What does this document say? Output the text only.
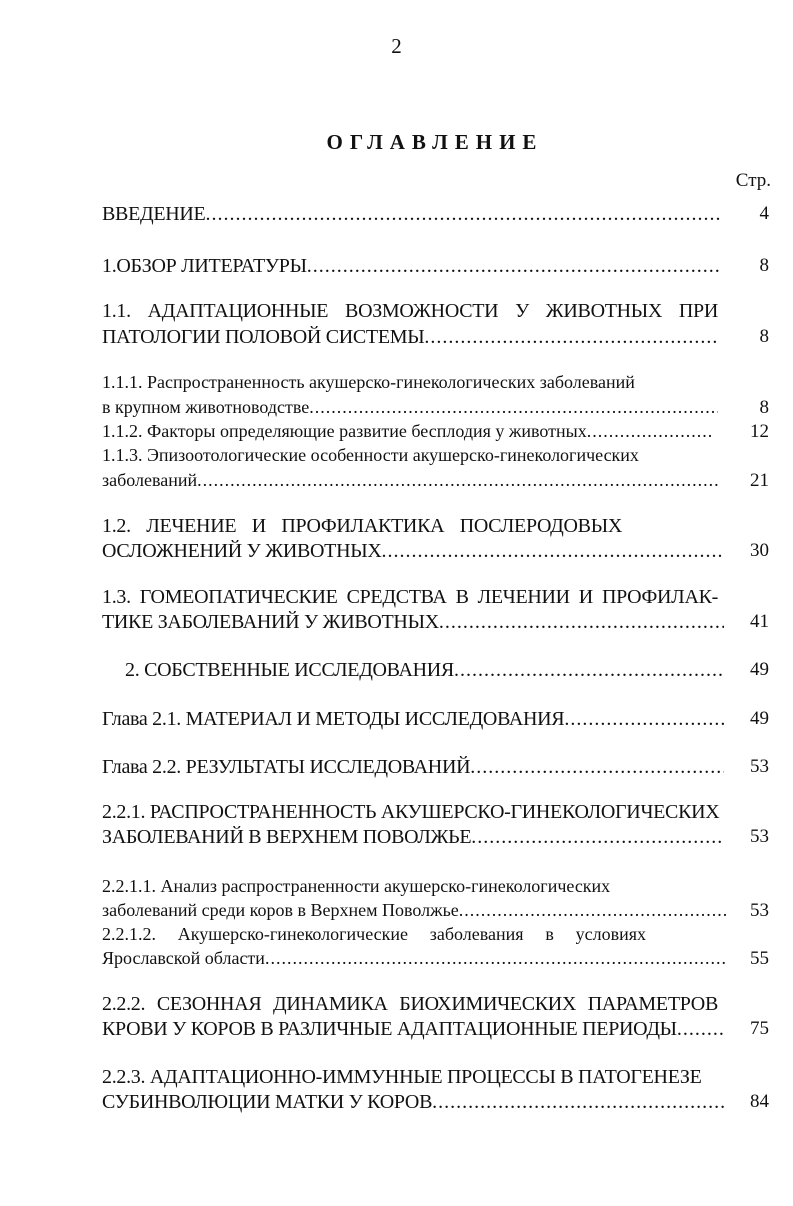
2
ОГЛАВЛЕНИЕ
Стр.
ВВЕДЕНИЕ .....	4
1.ОБЗОР ЛИТЕРАТУРЫ .....	8
1.1. АДАПТАЦИОННЫЕ ВОЗМОЖНОСТИ У ЖИВОТНЫХ ПРИ
ПАТОЛОГИИ ПОЛОВОЙ СИСТЕМЫ .....	8
1.1.1. Распространенность акушерско-гинекологических заболеваний
в крупном животноводстве .....	8
1.1.2. Факторы определяющие развитие бесплодия у животных .....	12
1.1.3. Эпизоотологические особенности акушерско-гинекологических
заболеваний .....	21
1.2. ЛЕЧЕНИЕ И ПРОФИЛАКТИКА ПОСЛЕРОДОВЫХ
ОСЛОЖНЕНИЙ У ЖИВОТНЫХ .....	30
1.3. ГОМЕОПАТИЧЕСКИЕ СРЕДСТВА В ЛЕЧЕНИИ И ПРОФИЛАК-
ТИКЕ ЗАБОЛЕВАНИЙ У ЖИВОТНЫХ .....	41
2. СОБСТВЕННЫЕ ИССЛЕДОВАНИЯ .....	49
Глава 2.1. МАТЕРИАЛ И МЕТОДЫ ИССЛЕДОВАНИЯ .....	49
Глава 2.2. РЕЗУЛЬТАТЫ ИССЛЕДОВАНИЙ .....	53
2.2.1. РАСПРОСТРАНЕННОСТЬ АКУШЕРСКО-ГИНЕКОЛОГИЧЕСКИХ
ЗАБОЛЕВАНИЙ В ВЕРХНЕМ ПОВОЛЖЬЕ .....	53
2.2.1.1. Анализ распространенности акушерско-гинекологических
заболеваний среди коров в Верхнем Поволжье .....	53
2.2.1.2. Акушерско-гинекологические заболевания в условиях
Ярославской области .....	55
2.2.2. СЕЗОННАЯ ДИНАМИКА БИОХИМИЧЕСКИХ ПАРАМЕТРОВ
КРОВИ У КОРОВ В РАЗЛИЧНЫЕ АДАПТАЦИОННЫЕ ПЕРИОДЫ .....	75
2.2.3. АДАПТАЦИОННО-ИММУННЫЕ ПРОЦЕССЫ В ПАТОГЕНЕЗЕ
СУБИНВОЛЮЦИИ МАТКИ У КОРОВ .....	84
